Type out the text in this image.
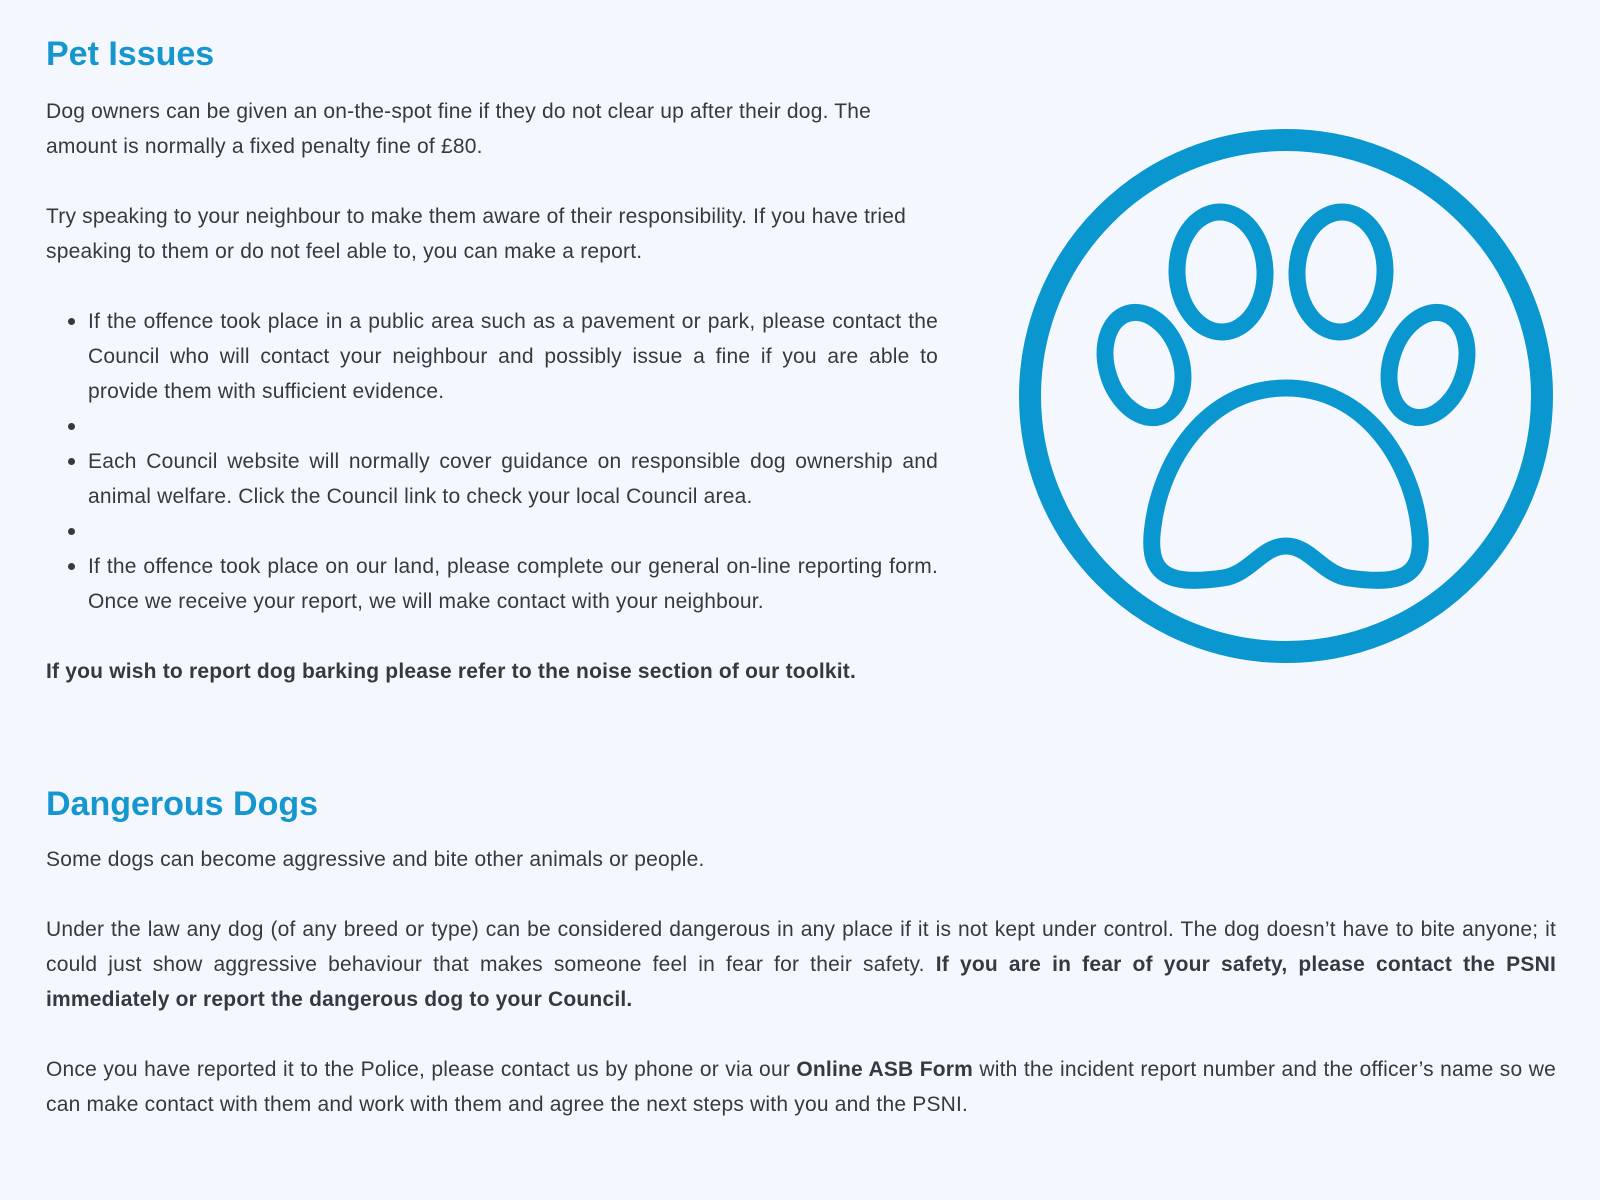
Pet Issues

Dog owners can be given an on-the-spot fine if they do not clear up after their dog. The amount is normally a fixed penalty fine of £80.

Try speaking to your neighbour to make them aware of their responsibility. If you have tried speaking to them or do not feel able to, you can make a report.

If the offence took place in a public area such as a pavement or park, please contact the Council who will contact your neighbour and possibly issue a fine if you are able to provide them with sufficient evidence.
Each Council website will normally cover guidance on responsible dog ownership and animal welfare. Click the Council link to check your local Council area.
If the offence took place on our land, please complete our general on-line reporting form. Once we receive your report, we will make contact with your neighbour.

If you wish to report dog barking please refer to the noise section of our toolkit.

Dangerous Dogs

Some dogs can become aggressive and bite other animals or people.

Under the law any dog (of any breed or type) can be considered dangerous in any place if it is not kept under control. The dog doesn’t have to bite anyone; it could just show aggressive behaviour that makes someone feel in fear for their safety. If you are in fear of your safety, please contact the PSNI immediately or report the dangerous dog to your Council.

Once you have reported it to the Police, please contact us by phone or via our Online ASB Form with the incident report number and the officer’s name so we can make contact with them and work with them and agree the next steps with you and the PSNI.
